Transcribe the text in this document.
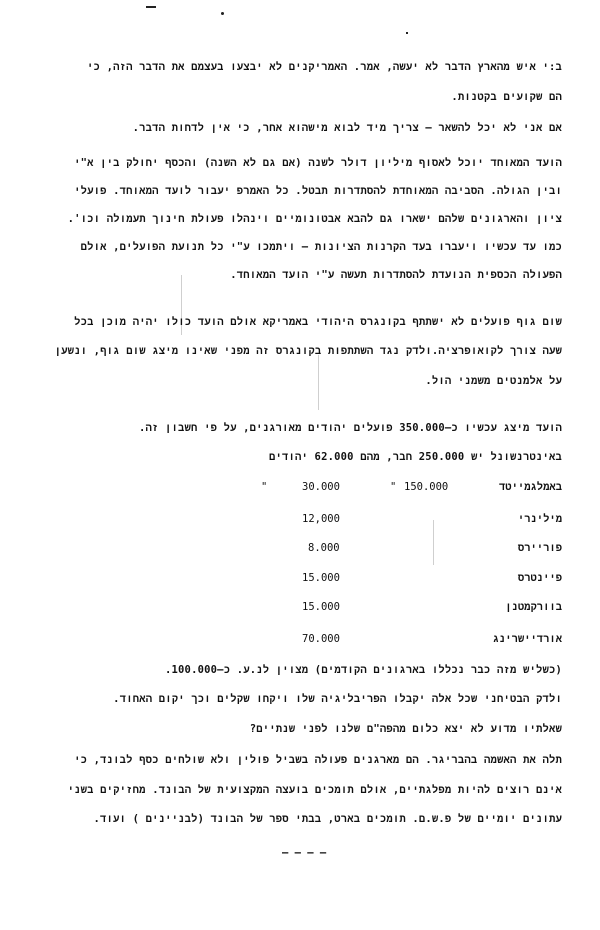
ב:י איש מהארץ הדבר לא יעשה, אמר. האמריקנים לא יבצעו בעצמם את הדבר הזה, כי
הם שקועים בקטנות.
אם אני לא יכל להשאר – צריך מיד לבוא מישהוא אחר, כי אין לדחות הדבר.
הועד המאוחד יוכל לאסוף מיליון דולר לשנה (אם גם לא השנה) והכסף יחולק בין א"י
ובין הגולה. הסביבה המאוחדת להסתדרות תבטל. כל האמרפ יעבור לועד המאוחד. פועלי
ציון והארגונים שלהם ישארו גם להבא אבטונומיים וינהלו פעולת חינוך תעמולה וכו'.
כמו עד עכשיו ויעברו בעד הקרנות הציונות – ויתמכו ע"י כל תנועת הפועלים, אולם
הפעולה הכספית הנועדת להסתדרות תעשה ע"י הועד המאוחד.
שום גוף פועלים לא ישתתף בקונגרס היהודי באמריקא אולם הועד כולו יהיה מוכן בכל
שעה צורך לקואופרציה.ולדק נגד השתתפות בקונגרס זה מפני שאינו מיצג שום גוף, ונשען
על אלמנטים משמני הול.
הועד מיצג עכשיו כ–350.000 פועלים יהודים מאורגנים, על פי חשבון זה.
באינטרנשונל יש 250.000 חבר, מהם 62.000 יהודים
באמלגמייטד
" 150.000
"	30.000
מילינרי
12,000
פוריירס
8.000
פיינטרס
15.000
בוורקמטנן
15.000
אורדיישרינג
70.000
(כשליש מזה כבר נכללו בארגונים הקודמים) מצוין לנ.ע. כ–100.000.
ולדק הבטיחני שכל אלה יקבלו הפריבליגיה שלו ויקחו שקלים וכך יקום האחוד.
שאלתיו מדוע לא יצא כלום מהפה"ם שלנו לפני שנתיים?
תלה את האשמה בהבריגר. הם מארגנים פעולה בשביל פולין ולא שולחים כסף לבונד, כי
אינם רוצים להיות מפלגתיים, אולם תומכים בועצה המקצועית של הבונד. מחזיקים בשני
עתונים יומיים של פ.ש.ם. תומכים בארט, בבתי ספר של הבונד (לבניינים ) ועוד.
– – – –
